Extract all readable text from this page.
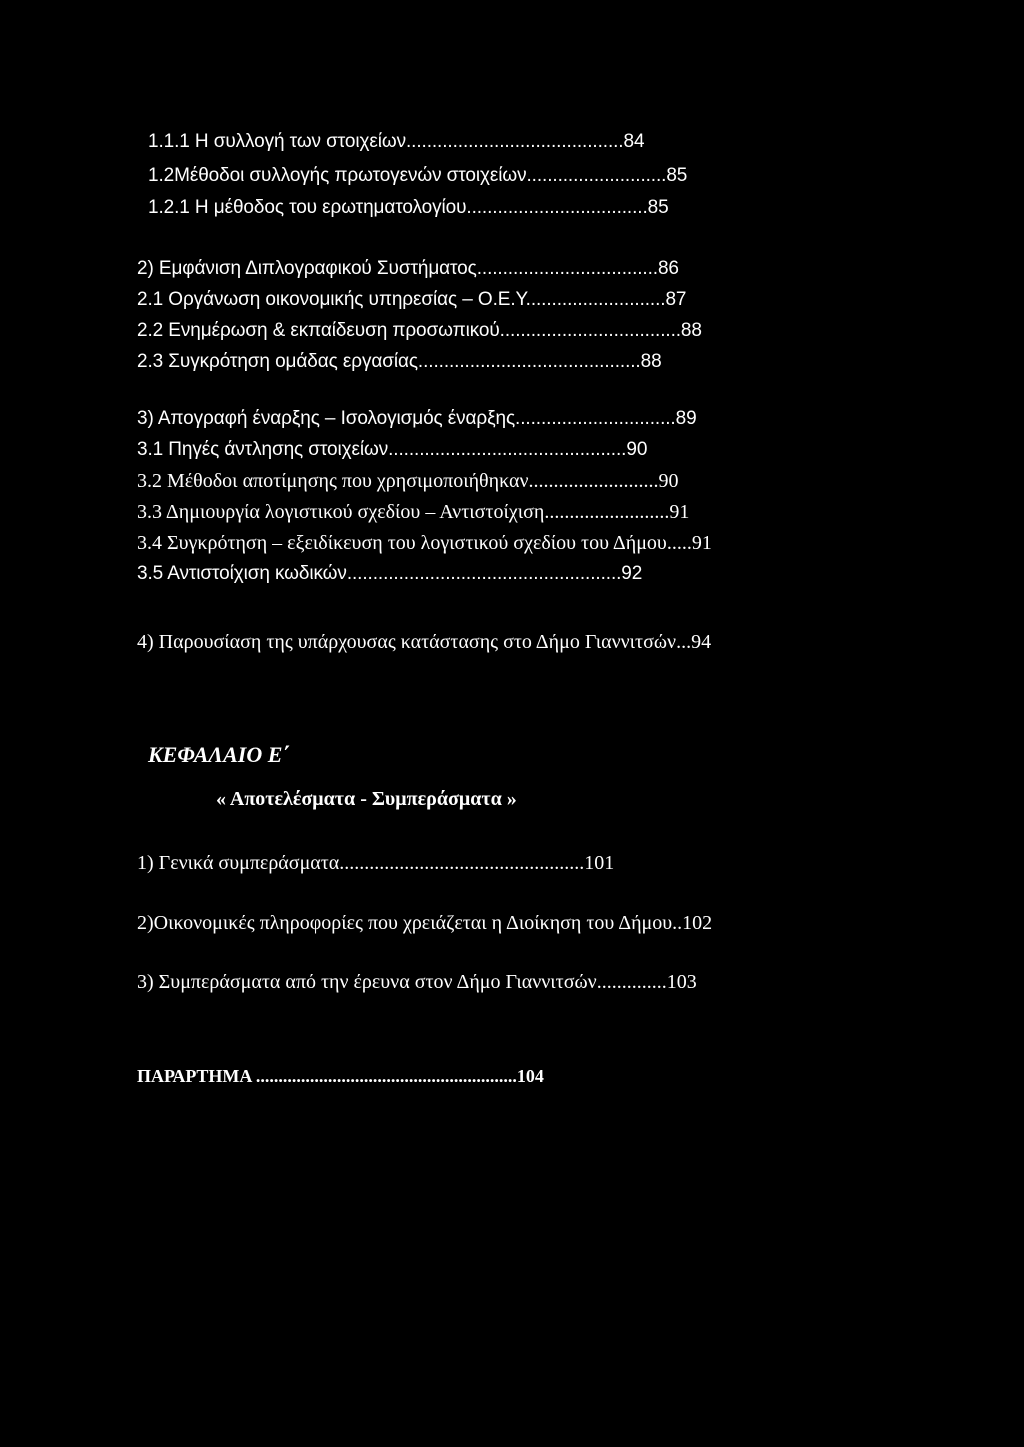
1.1.1 Η συλλογή των στοιχείων..........................................84
1.2Μέθοδοι συλλογής πρωτογενών στοιχείων...........................85
1.2.1 Η μέθοδος του ερωτηματολογίου...................................85
2) Εμφάνιση Διπλογραφικού Συστήματος...................................86
2.1 Οργάνωση οικονομικής υπηρεσίας – Ο.Ε.Υ...........................87
2.2 Ενημέρωση & εκπαίδευση προσωπικού...................................88
2.3 Συγκρότηση ομάδας εργασίας...........................................88
3) Απογραφή έναρξης – Ισολογισμός έναρξης...............................89
3.1 Πηγές άντλησης στοιχείων..............................................90
3.2 Μέθοδοι αποτίμησης που χρησιμοποιήθηκαν..........................90
3.3 Δημιουργία λογιστικού σχεδίου – Αντιστοίχιση.........................91
3.4 Συγκρότηση – εξειδίκευση του λογιστικού σχεδίου του Δήμου.....91
3.5 Αντιστοίχιση κωδικών.....................................................92
4) Παρουσίαση της υπάρχουσας κατάστασης στο Δήμο Γιαννιτσών...94
ΚΕΦΑΛΑΙΟ Ε΄
« Αποτελέσματα - Συμπεράσματα »
1) Γενικά συμπεράσματα.................................................101
2)Οικονομικές πληροφορίες που χρειάζεται η Διοίκηση του Δήμου..102
3) Συμπεράσματα από την έρευνα στον Δήμο Γιαννιτσών..............103
ΠΑΡΑΡΤΗΜΑ ..........................................................104
